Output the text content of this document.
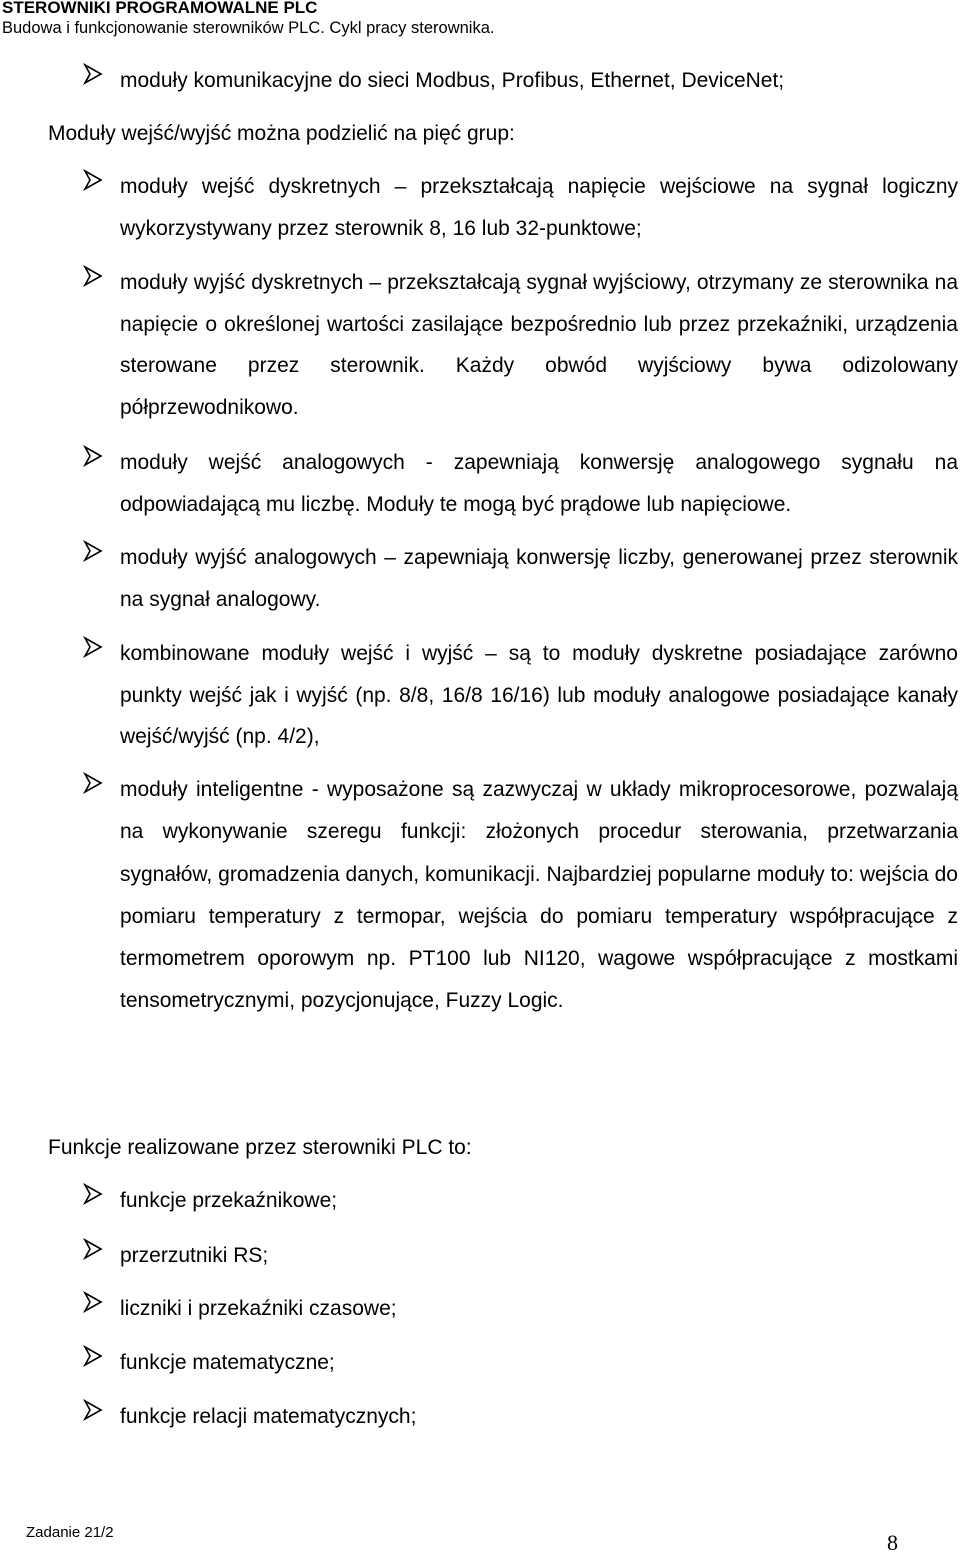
STEROWNIKI PROGRAMOWALNE PLC

Budowa i funkcjonowanie sterowników PLC. Cykl pracy sterownika.

moduły komunikacyjne do sieci Modbus, Profibus, Ethernet, DeviceNet;

Moduły wejść/wyjść można podzielić na pięć grup:

moduły wejść dyskretnych – przekształcają napięcie wejściowe na sygnał logiczny wykorzystywany przez sterownik 8, 16 lub 32-punktowe;

moduły wyjść dyskretnych – przekształcają sygnał wyjściowy, otrzymany ze sterownika na napięcie o określonej wartości zasilające bezpośrednio lub przez przekaźniki, urządzenia sterowane przez sterownik. Każdy obwód wyjściowy bywa odizolowany półprzewodnikowo.

moduły wejść analogowych - zapewniają konwersję analogowego sygnału na odpowiadającą mu liczbę. Moduły te mogą być prądowe lub napięciowe.

moduły wyjść analogowych – zapewniają konwersję liczby, generowanej przez sterownik na sygnał analogowy.

kombinowane moduły wejść i wyjść – są to moduły dyskretne posiadające zarówno punkty wejść jak i wyjść (np. 8/8, 16/8 16/16) lub moduły analogowe posiadające kanały wejść/wyjść (np. 4/2),

moduły inteligentne - wyposażone są zazwyczaj w układy mikroprocesorowe, pozwalają na wykonywanie szeregu funkcji: złożonych procedur sterowania, przetwarzania sygnałów, gromadzenia danych, komunikacji. Najbardziej popularne moduły to: wejścia do pomiaru temperatury z termopar, wejścia do pomiaru temperatury współpracujące z termometrem oporowym np. PT100 lub NI120, wagowe współpracujące z mostkami tensometrycznymi, pozycjonujące, Fuzzy Logic.

Funkcje realizowane przez sterowniki PLC to:

funkcje przekaźnikowe;

przerzutniki RS;

liczniki i przekaźniki czasowe;

funkcje matematyczne;

funkcje relacji matematycznych;

Zadanie 21/2	8
